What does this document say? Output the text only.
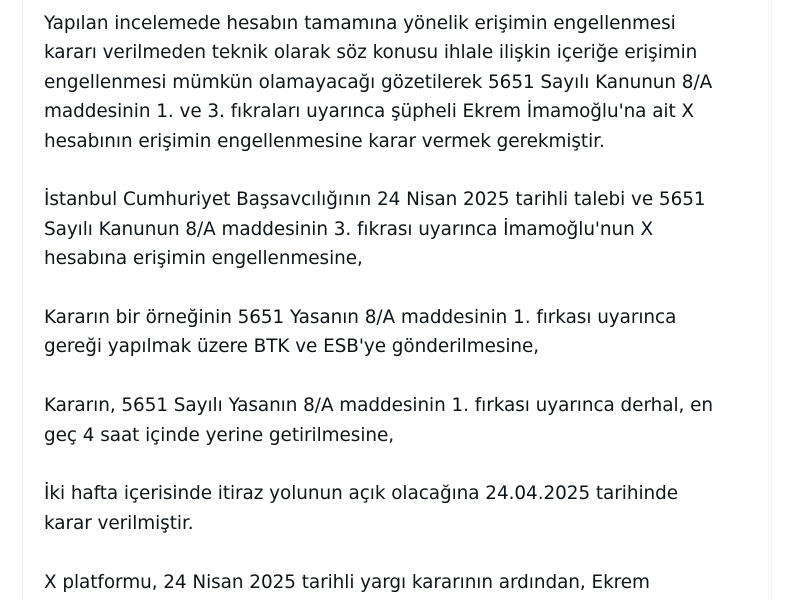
Yapılan incelemede hesabın tamamına yönelik erişimin engellenmesi
kararı verilmeden teknik olarak söz konusu ihlale ilişkin içeriğe erişimin
engellenmesi mümkün olamayacağı gözetilerek 5651 Sayılı Kanunun 8/A
maddesinin 1. ve 3. fıkraları uyarınca şüpheli Ekrem İmamoğlu'na ait X
hesabının erişimin engellenmesine karar vermek gerekmiştir.

İstanbul Cumhuriyet Başsavcılığının 24 Nisan 2025 tarihli talebi ve 5651
Sayılı Kanunun 8/A maddesinin 3. fıkrası uyarınca İmamoğlu'nun X
hesabına erişimin engellenmesine,

Kararın bir örneğinin 5651 Yasanın 8/A maddesinin 1. fırkası uyarınca
gereği yapılmak üzere BTK ve ESB'ye gönderilmesine,

Kararın, 5651 Sayılı Yasanın 8/A maddesinin 1. fırkası uyarınca derhal, en
geç 4 saat içinde yerine getirilmesine,

İki hafta içerisinde itiraz yolunun açık olacağına 24.04.2025 tarihinde
karar verilmiştir.

X platformu, 24 Nisan 2025 tarihli yargı kararının ardından, Ekrem
